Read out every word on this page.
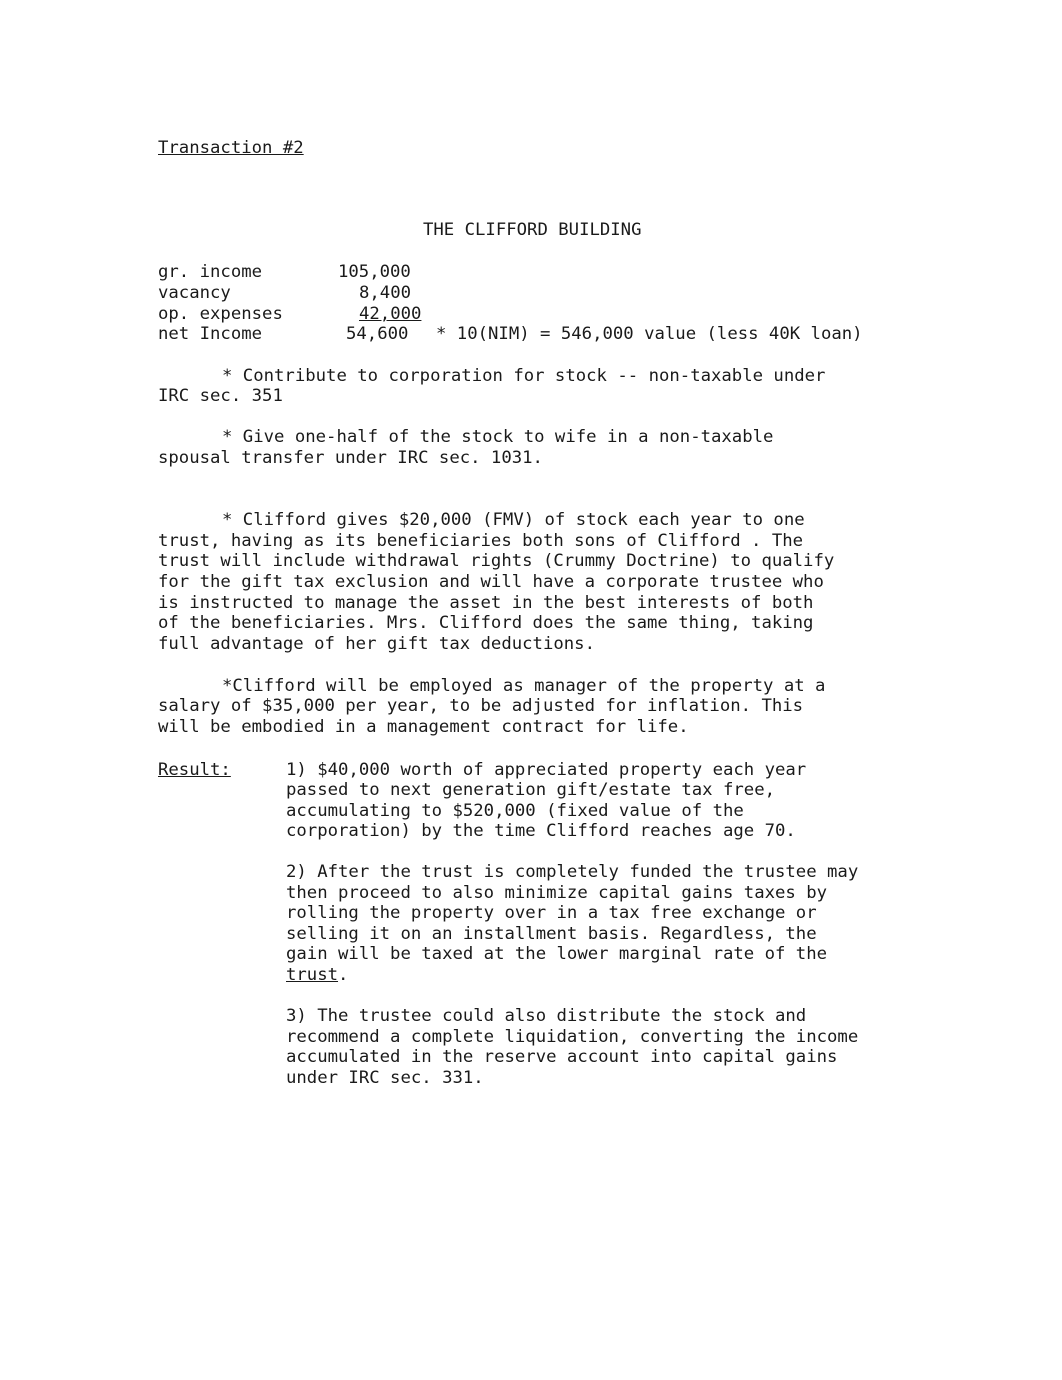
Transaction #2
THE CLIFFORD BUILDING
gr. income	105,000
vacancy	8,400
op. expenses	42,000
net Income	54,600 * 10(NIM) = 546,000 value (less 40K loan)
* Contribute to corporation for stock -- non-taxable under
IRC sec. 351
* Give one-half of the stock to wife in a non-taxable
spousal transfer under IRC sec. 1031.
* Clifford gives $20,000 (FMV) of stock each year to one
trust, having as its beneficiaries both sons of Clifford . The
trust will include withdrawal rights (Crummy Doctrine) to qualify
for the gift tax exclusion and will have a corporate trustee who
is instructed to manage the asset in the best interests of both
of the beneficiaries. Mrs. Clifford does the same thing, taking
full advantage of her gift tax deductions.
*Clifford will be employed as manager of the property at a
salary of $35,000 per year, to be adjusted for inflation. This
will be embodied in a management contract for life.
Result:	1) $40,000 worth of appreciated property each year
passed to next generation gift/estate tax free,
accumulating to $520,000 (fixed value of the
corporation) by the time Clifford reaches age 70.
2) After the trust is completely funded the trustee may
then proceed to also minimize capital gains taxes by
rolling the property over in a tax free exchange or
selling it on an installment basis. Regardless, the
gain will be taxed at the lower marginal rate of the
trust.
3) The trustee could also distribute the stock and
recommend a complete liquidation, converting the income
accumulated in the reserve account into capital gains
under IRC sec. 331.
